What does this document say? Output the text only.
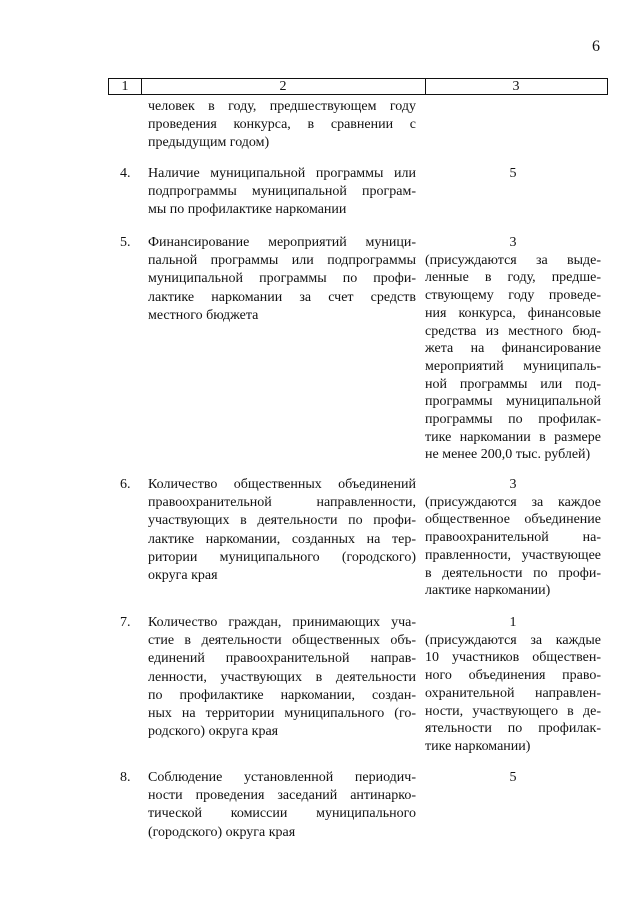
6
1	2	3
человек в году, предшествующем году
проведения конкурса, в сравнении с
предыдущим годом)
4. Наличие муниципальной программы или
подпрограммы муниципальной програм-
мы по профилактике наркомании
5
5. Финансирование мероприятий муници-
пальной программы или подпрограммы
муниципальной программы по профи-
лактике наркомании за счет средств
местного бюджета
3
(присуждаются за выде-
ленные в году, предше-
ствующему году проведе-
ния конкурса, финансовые
средства из местного бюд-
жета на финансирование
мероприятий муниципаль-
ной программы или под-
программы муниципальной
программы по профилак-
тике наркомании в размере
не менее 200,0 тыс. рублей)
6. Количество общественных объединений
правоохранительной направленности,
участвующих в деятельности по профи-
лактике наркомании, созданных на тер-
ритории муниципального (городского)
округа края
3
(присуждаются за каждое
общественное объединение
правоохранительной на-
правленности, участвующее
в деятельности по профи-
лактике наркомании)
7. Количество граждан, принимающих уча-
стие в деятельности общественных объ-
единений правоохранительной направ-
ленности, участвующих в деятельности
по профилактике наркомании, создан-
ных на территории муниципального (го-
родского) округа края
1
(присуждаются за каждые
10 участников обществен-
ного объединения право-
охранительной направлен-
ности, участвующего в де-
ятельности по профилак-
тике наркомании)
8. Соблюдение установленной периодич-
ности проведения заседаний антинарко-
тической комиссии муниципального
(городского) округа края
5
